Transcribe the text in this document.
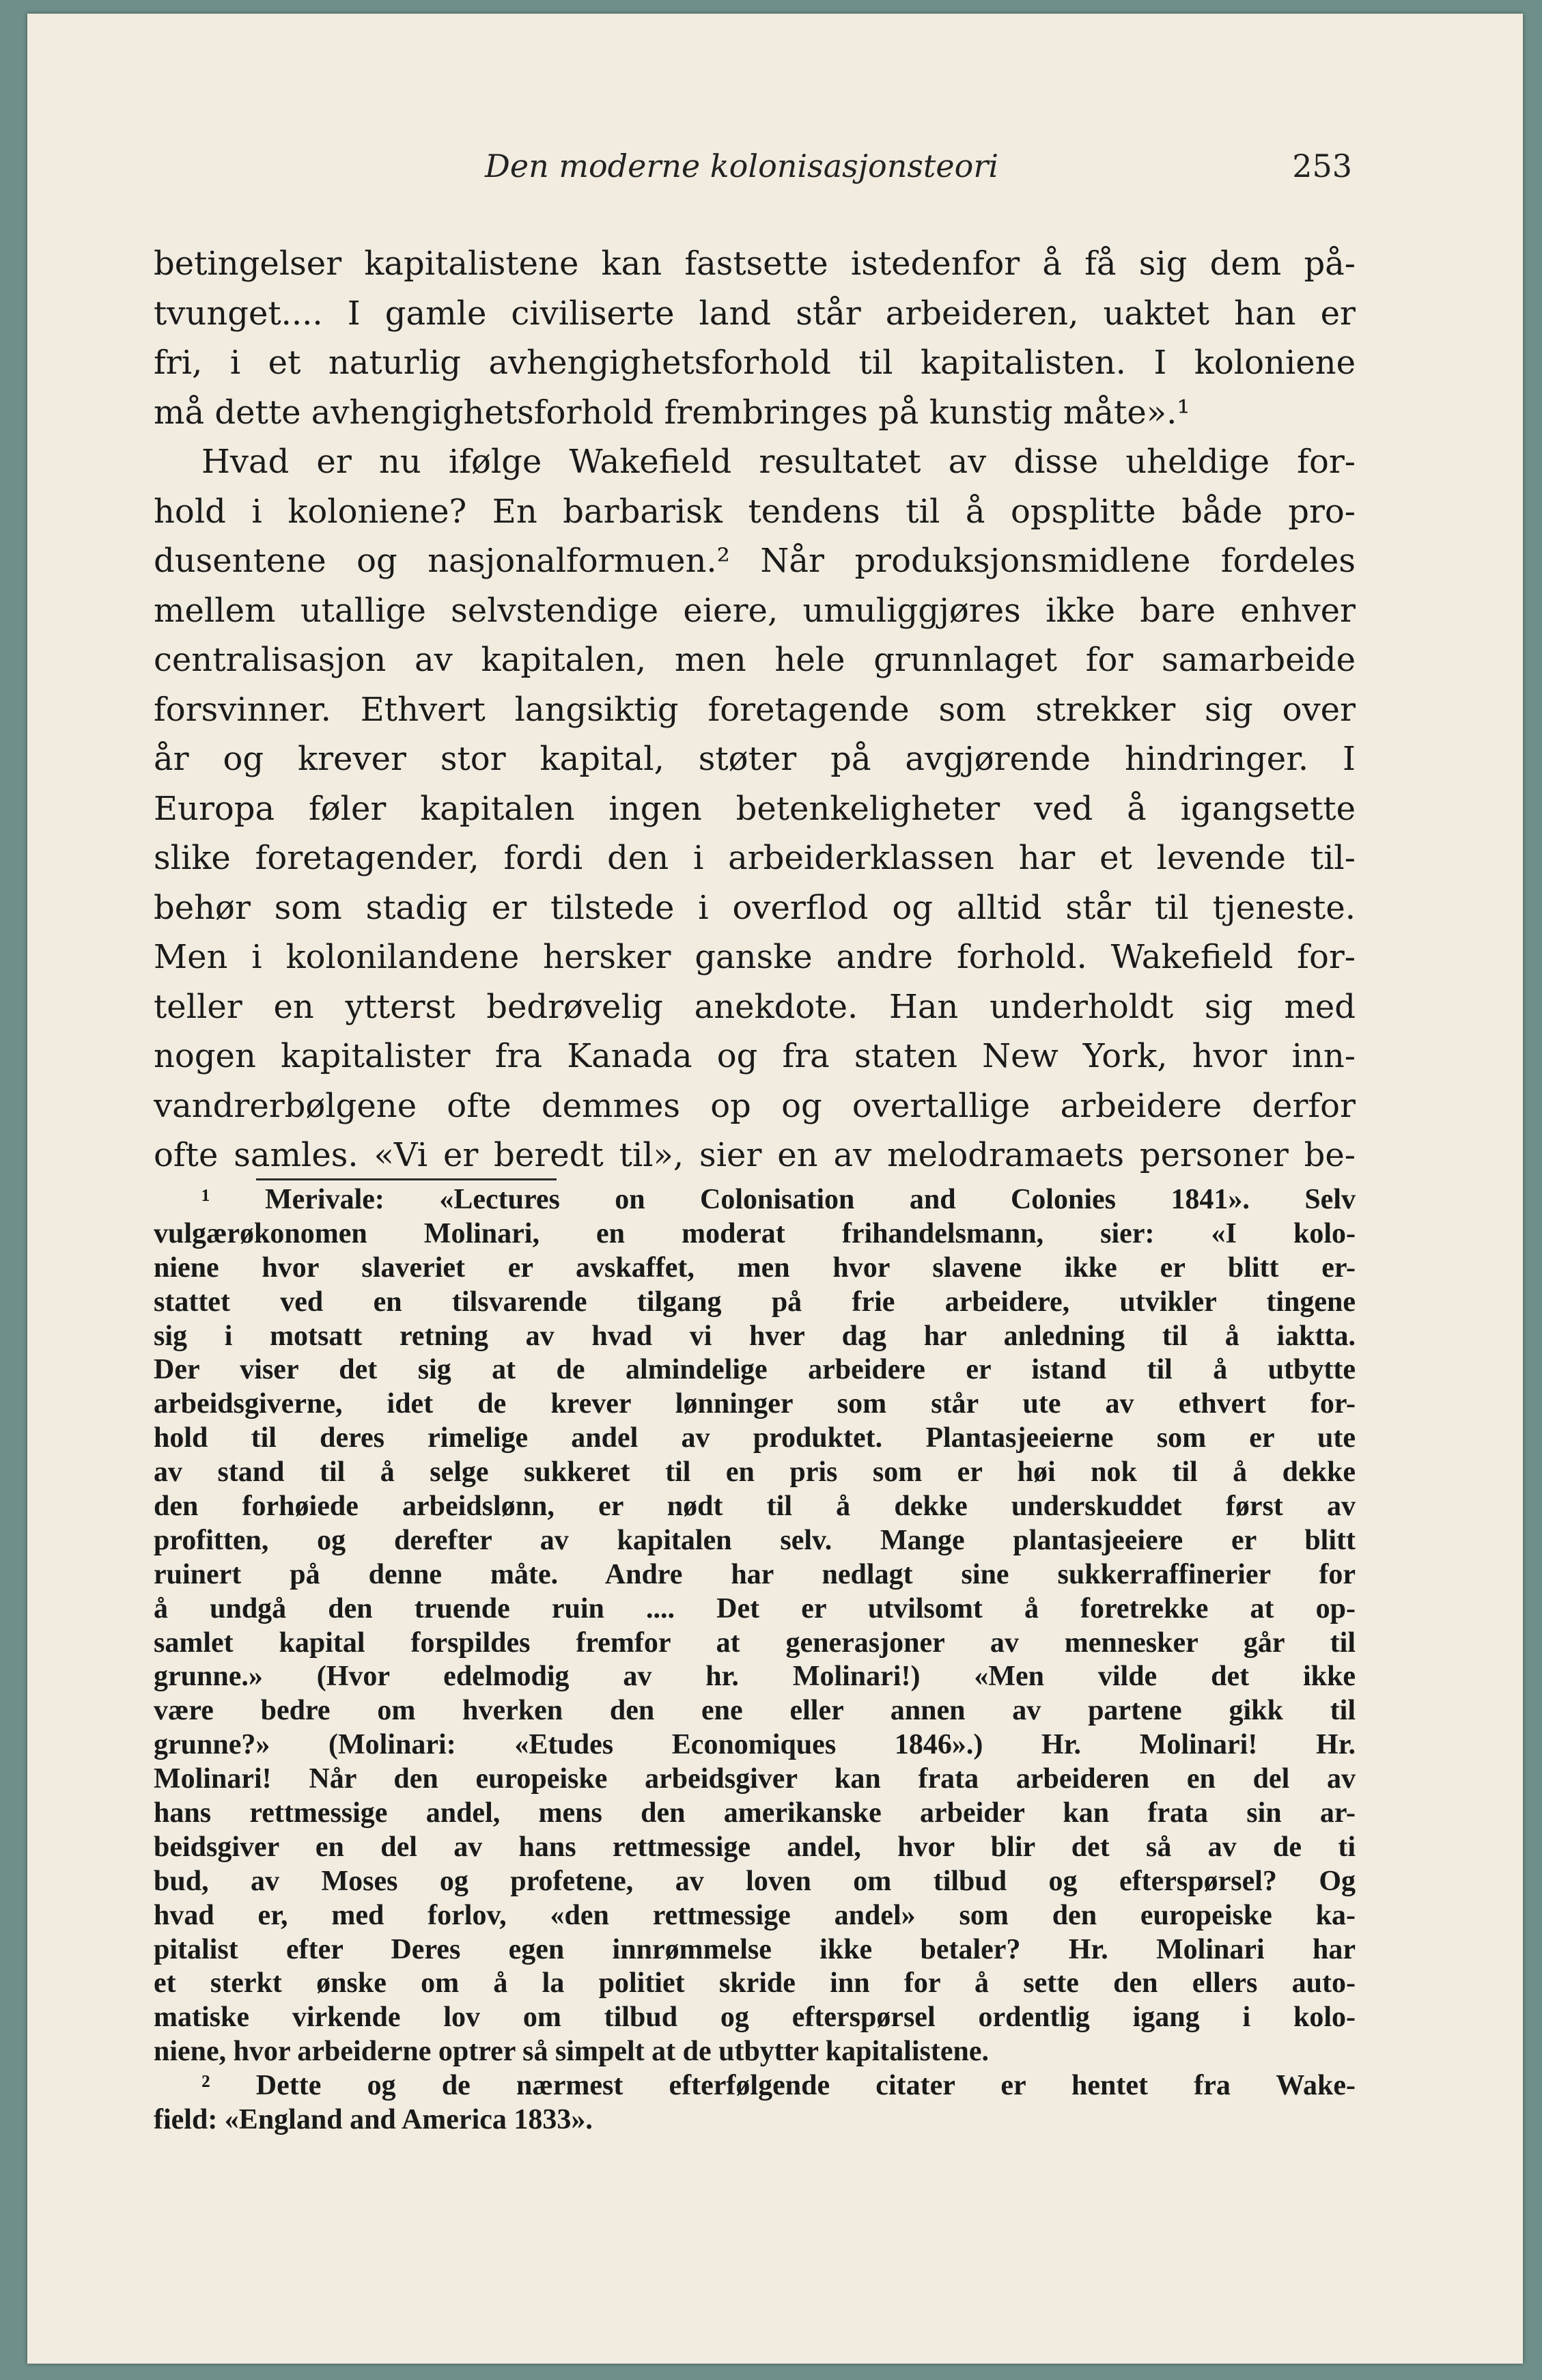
Den moderne kolonisasjonsteori	253
betingelser kapitalistene kan fastsette istedenfor å få sig dem på-
tvunget.... I gamle civiliserte land står arbeideren, uaktet han er
fri, i et naturlig avhengighetsforhold til kapitalisten. I koloniene
må dette avhengighetsforhold frembringes på kunstig måte».¹
Hvad er nu ifølge Wakefield resultatet av disse uheldige for-
hold i koloniene? En barbarisk tendens til å opsplitte både pro-
dusentene og nasjonalformuen.² Når produksjonsmidlene fordeles
mellem utallige selvstendige eiere, umuliggjøres ikke bare enhver
centralisasjon av kapitalen, men hele grunnlaget for samarbeide
forsvinner. Ethvert langsiktig foretagende som strekker sig over
år og krever stor kapital, støter på avgjørende hindringer. I
Europa føler kapitalen ingen betenkeligheter ved å igangsette
slike foretagender, fordi den i arbeiderklassen har et levende til-
behør som stadig er tilstede i overflod og alltid står til tjeneste.
Men i kolonilandene hersker ganske andre forhold. Wakefield for-
teller en ytterst bedrøvelig anekdote. Han underholdt sig med
nogen kapitalister fra Kanada og fra staten New York, hvor inn-
vandrerbølgene ofte demmes op og overtallige arbeidere derfor
ofte samles. «Vi er beredt til», sier en av melodramaets personer be-
¹ Merivale: «Lectures on Colonisation and Colonies 1841». Selv
vulgærøkonomen Molinari, en moderat frihandelsmann, sier: «I kolo-
niene hvor slaveriet er avskaffet, men hvor slavene ikke er blitt er-
stattet ved en tilsvarende tilgang på frie arbeidere, utvikler tingene
sig i motsatt retning av hvad vi hver dag har anledning til å iaktta.
Der viser det sig at de almindelige arbeidere er istand til å utbytte
arbeidsgiverne, idet de krever lønninger som står ute av ethvert for-
hold til deres rimelige andel av produktet. Plantasjeeierne som er ute
av stand til å selge sukkeret til en pris som er høi nok til å dekke
den forhøiede arbeidslønn, er nødt til å dekke underskuddet først av
profitten, og derefter av kapitalen selv. Mange plantasjeeiere er blitt
ruinert på denne måte. Andre har nedlagt sine sukkerraffinerier for
å undgå den truende ruin .... Det er utvilsomt å foretrekke at op-
samlet kapital forspildes fremfor at generasjoner av mennesker går til
grunne.» (Hvor edelmodig av hr. Molinari!) «Men vilde det ikke
være bedre om hverken den ene eller annen av partene gikk til
grunne?» (Molinari: «Etudes Economiques 1846».) Hr. Molinari! Hr.
Molinari! Når den europeiske arbeidsgiver kan frata arbeideren en del av
hans rettmessige andel, mens den amerikanske arbeider kan frata sin ar-
beidsgiver en del av hans rettmessige andel, hvor blir det så av de ti
bud, av Moses og profetene, av loven om tilbud og efterspørsel? Og
hvad er, med forlov, «den rettmessige andel» som den europeiske ka-
pitalist efter Deres egen innrømmelse ikke betaler? Hr. Molinari har
et sterkt ønske om å la politiet skride inn for å sette den ellers auto-
matiske virkende lov om tilbud og efterspørsel ordentlig igang i kolo-
niene, hvor arbeiderne optrer så simpelt at de utbytter kapitalistene.
² Dette og de nærmest efterfølgende citater er hentet fra Wake-
field: «England and America 1833».
